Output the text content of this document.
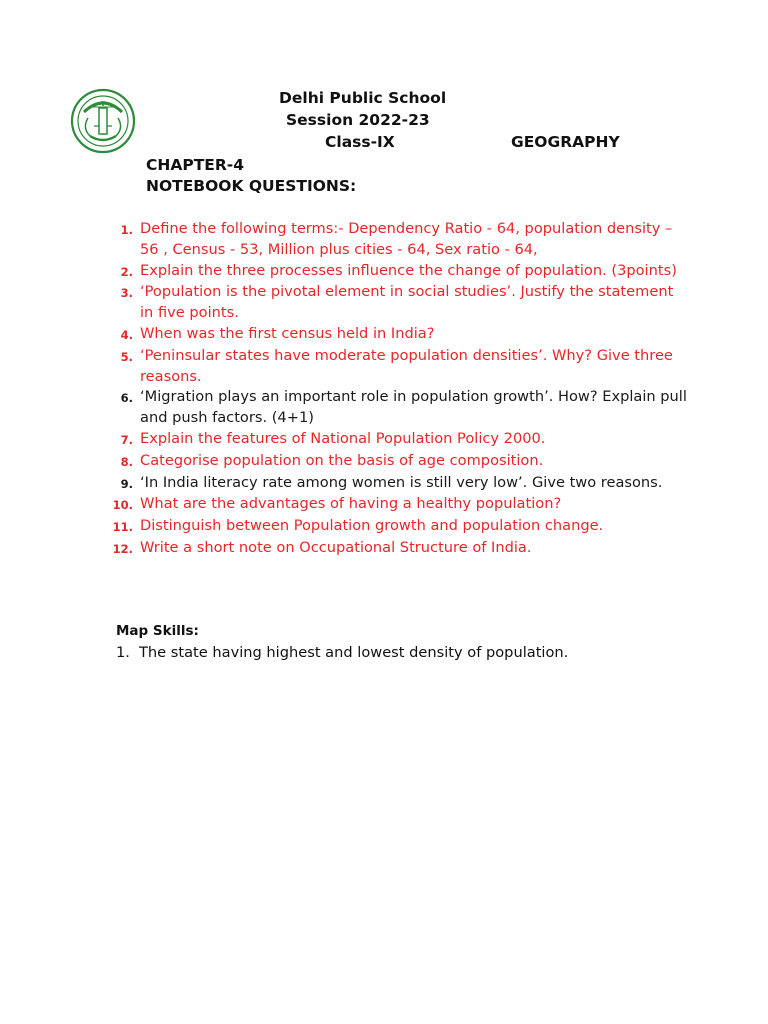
Delhi Public School
Session 2022-23
Class-IX	GEOGRAPHY
CHAPTER-4
NOTEBOOK QUESTIONS:
1. Define the following terms:- Dependency Ratio - 64, population density – 56 , Census - 53, Million plus cities - 64, Sex ratio - 64,
2. Explain the three processes influence the change of population. (3points)
3. ‘Population is the pivotal element in social studies’. Justify the statement in five points.
4. When was the first census held in India?
5. ‘Peninsular states have moderate population densities’. Why? Give three reasons.
6. ‘Migration plays an important role in population growth’. How? Explain pull and push factors. (4+1)
7. Explain the features of National Population Policy 2000.
8. Categorise population on the basis of age composition.
9. ‘In India literacy rate among women is still very low’. Give two reasons.
10. What are the advantages of having a healthy population?
11. Distinguish between Population growth and population change.
12. Write a short note on Occupational Structure of India.
Map Skills:
1. The state having highest and lowest density of population.
